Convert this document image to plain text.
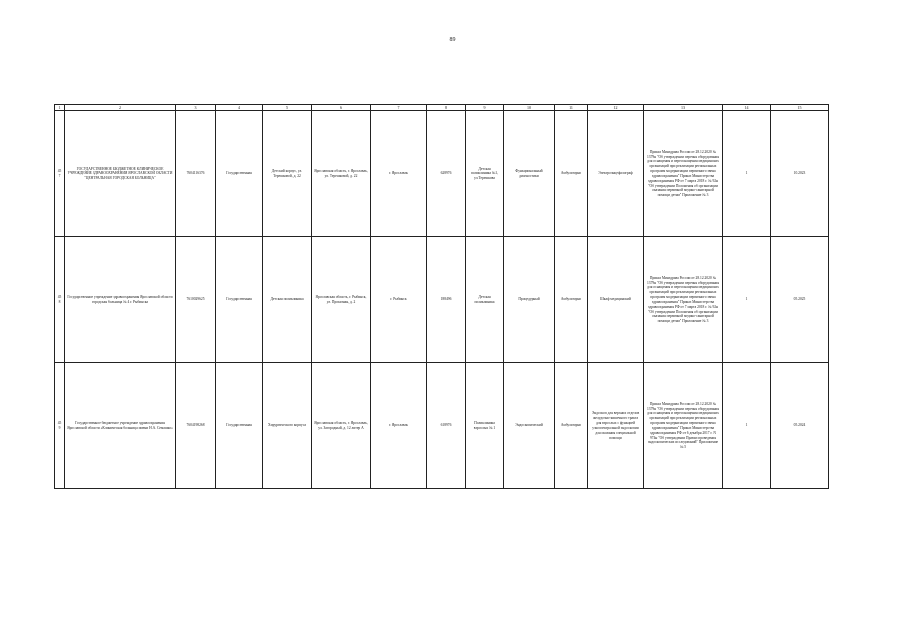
89
1	2	3	4	5	6	7	8	9	10	11	12	13	14	15
457	ГОСУДАРСТВЕННОЕ БЮДЖЕТНОЕ КЛИНИЧЕСКОЕ УЧРЕЖДЕНИЕ ЗДРАВООХРАНЕНИЯ ЯРОСЛАВСКОЙ ОБЛАСТИ "ЦЕНТРАЛЬНАЯ ГОРОДСКАЯ БОЛЬНИЦА"	7604116376	Государственная	Детский корпус, ул. Терешковой, д. 22	Ярославская область, г. Ярославль, ул. Терешковой, д. 22	г. Ярославль	628976	Детская поликлиника №1, ул.Терешкова	Функциональный диагностики	Амбулаторно	Электроэнцефалограф	Приказ Минздрава России от 28.12.2020 № 1379н "Об утверждении перечня оборудования для оснащения и переоснащения медицинских организаций при реализации региональных программ модернизации первичного звена здравоохранения" Приказ Министерства здравоохранения РФ от 7 марта 2018 г. № 92н "Об утверждении Положения об организации оказания первичной медико-санитарной помощи детям" Приложение № 3	1	10.2023
458	Государственное учреждение здравоохранения Ярославской области городская больница № 4 г. Рыбинска	7610029625	Государственная	Детская поликлиника	Ярославская область, г. Рыбинск, ул. Прокатная, д. 2	г. Рыбинск	188496	Детская поликлиника	Процедурный	Амбулаторно	Шкаф медицинский	Приказ Минздрава России от 28.12.2020 № 1379н "Об утверждении перечня оборудования для оснащения и переоснащения медицинских организаций при реализации региональных программ модернизации первичного звена здравоохранения" Приказ Министерства здравоохранения РФ от 7 марта 2018 г. № 92н "Об утверждении Положения об организации оказания первичной медико-санитарной помощи детям" Приложение № 3	1	05.2025
459	Государственное бюджетное учреждение здравоохранения Ярославской области «Клиническая больница имени Н.А. Семашко»	7604198268	Государственная	Хирургического корпуса	Ярославская область, г. Ярославль, ул. Загородный, д. 12 литер А	г. Ярославль	618976	Поликлиника взрослых № 1	Эндоскопический	Амбулаторно	Эндоскоп для верхних отделов желудочно-кишечного тракта для взрослых с функцией узкоспектральной эндоскопии для оказания специальной помощи	Приказ Минздрава России от 28.12.2020 № 1379н "Об утверждении перечня оборудования для оснащения и переоснащения медицинских организаций при реализации региональных программ модернизации первичного звена здравоохранения" Приказ Министерства здравоохранения РФ от 6 декабря 2017 г. N 974н "Об утверждении Правил проведения эндоскопических исследований" Приложение № 5	1	05.2024
